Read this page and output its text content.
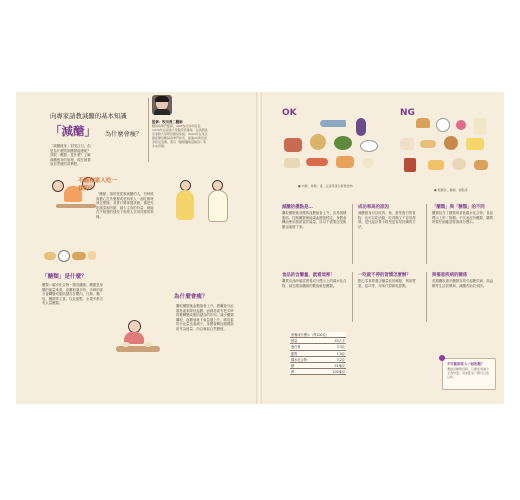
向專家請教減醣的基本知識
「減醣」 為什麼會瘦？
「減醣瘦身」很受注目，但是為什麼限制醣類能瘦呢？該限「醣類」是什麼？了解減醣瘦身的原理，現在就養成自然瘦的習慣吧。
監修：牧田善二醫師
糖尿病專門醫師，AGE牧田診所院長。1979年北海道大學醫學部畢業。在美國洛克斐勒大學研究糖尿病後，2003年在東京銀座開設糖尿病專門診所，超過20萬名患者接受治療。著有《醣類攝取量解答》等多本書籍。
不能和家人吃一樣的？
「醣類」指的是從事減醣的人，有時候會擔心在外聚餐或是和家人一起吃飯時該怎麼辦。其實只要掌握訣竅，像是先吃蔬菜和肉類、減少主食的份量，就能在不勉強的情況下和家人享用同樣的料理。
「醣類」是什麼？
醣類＝碳水化合物－膳食纖維。醣類是身體的能量來源，但攝取過多時，多餘的部分會轉變成脂肪儲存在體內。白飯、麵包、麵類等主食，以及甜點、水果中都含有大量醣類。
為什麼會瘦？
攝取醣類後血糖值會上升，胰臟會分泌胰島素來降低血糖，而胰島素有把多餘的糖轉變成脂肪儲存的作用。減少醣類攝取，血糖值就不會急遽上升，胰島素的分泌量也會減少，身體會轉而燃燒脂肪作為能量，所以就能自然變瘦。
OK	NG
● 肉類、魚類、蛋、豆腐等蛋白質類食物
● 飯麵包、麵類、甜點等
減醣的優點是…
攝取醣類後身體的血糖值會上升，容易囤積脂肪。控制醣類就能讓血糖值穩定，身體會轉而使用脂肪當作能量，所以不需要忍受飢餓也能瘦下來。
成功率高的原因
減醣瘦身可以吃肉、魚、蛋等蛋白質食物，也可以吃油脂，吃得飽又不容易復胖，是比起計算卡路里更容易持續的方法。
「醣類」與「糖類」的不同
醣類包含了糖類與其他碳水化合物。食品標示上的「無糖」不代表沒有醣類，購買時要仔細確認營養成分標示。
食品的含醣量，就看這裡！
購買食品時確認營養成分標示上的碳水化合物，減去膳食纖維的數值就是醣類。
一吃就不停的習慣怎麼辦？
點心零食要選含醣量低的種類，例如堅果、起司等，用來代替餅乾甜點。
與罹患疾病的關係
長期攝取過多醣類容易引起糖尿病、高血壓等生活習慣病，減醣有助於預防。
營養成分標示（每100克）	
熱量	43大卡
蛋白質	3.3克
脂質	1.9克
碳水化合物	3.2克
鈉	41毫克
鈣	100毫克
不可能和家人一起吃飯？
遇到這種情況時，只要記得減少主食份量，其他配菜一樣可以放心吃。
